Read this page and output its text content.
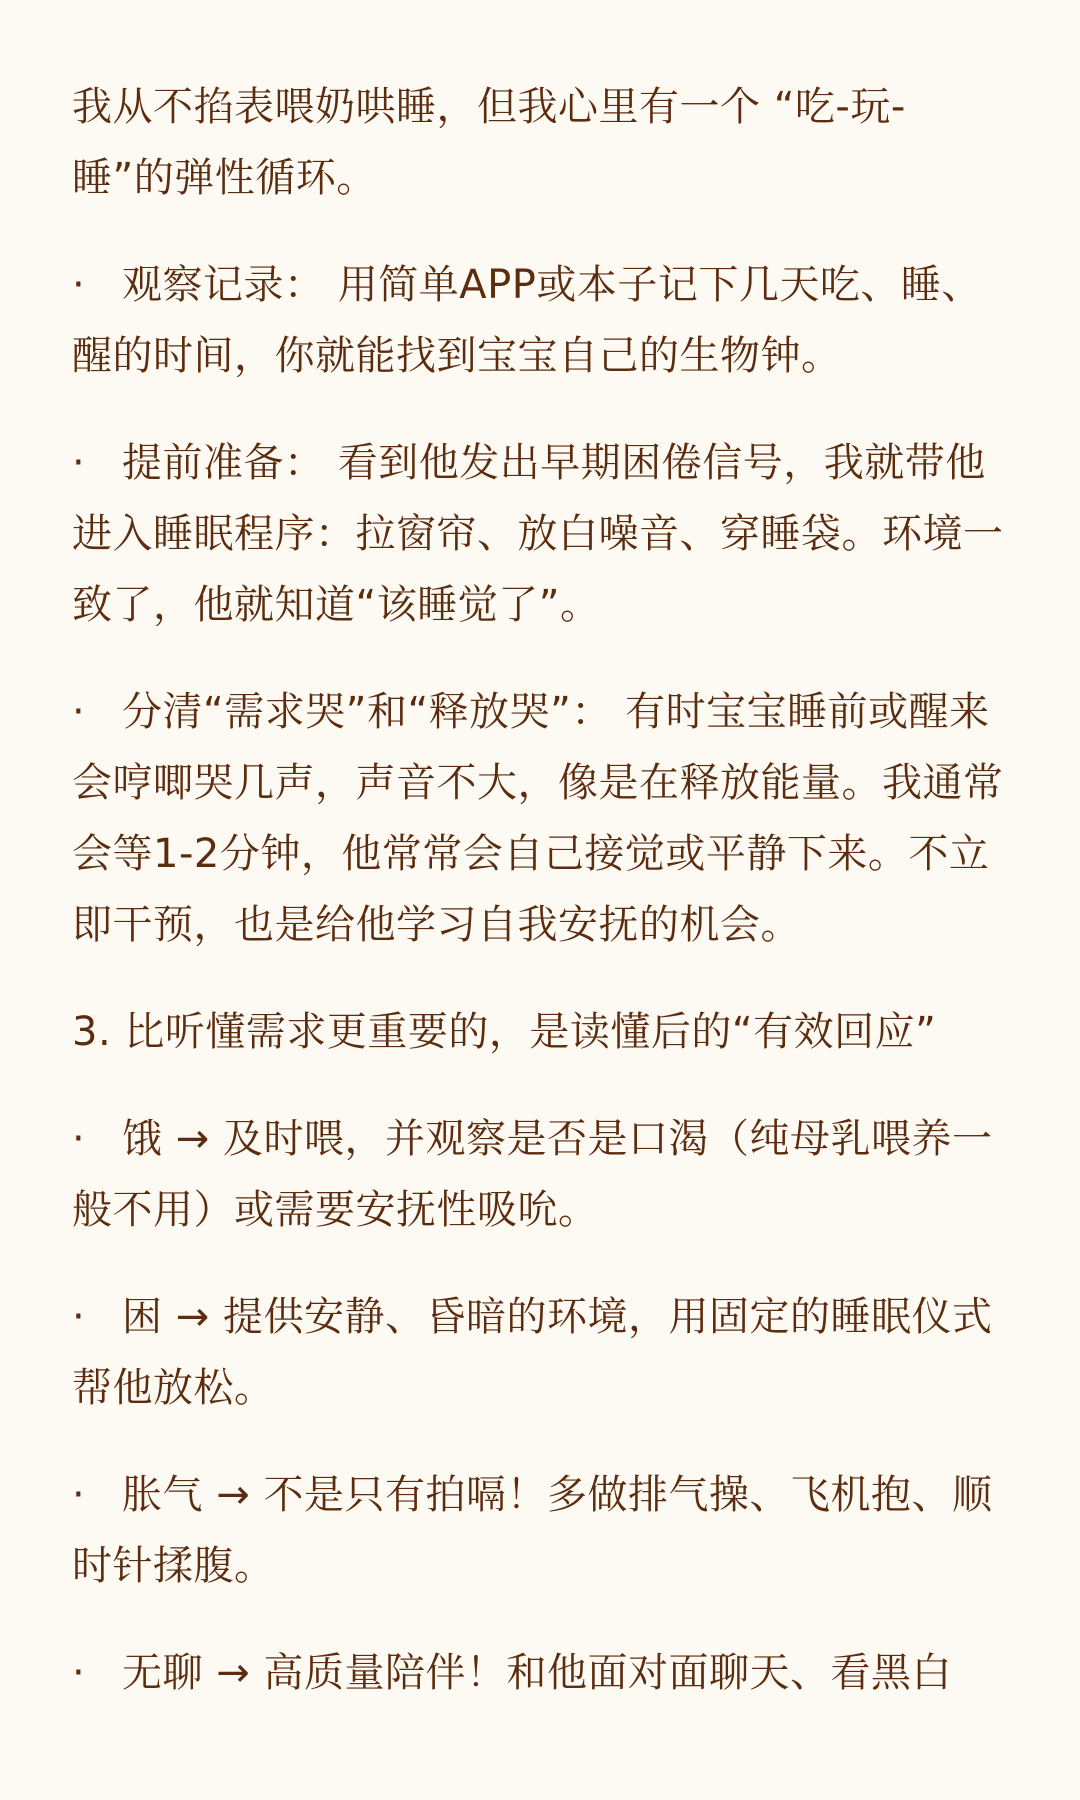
我从不掐表喂奶哄睡，但我心里有一个 “吃-玩-睡”的弹性循环。

· 观察记录： 用简单APP或本子记下几天吃、睡、醒的时间，你就能找到宝宝自己的生物钟。

· 提前准备： 看到他发出早期困倦信号，我就带他进入睡眠程序：拉窗帘、放白噪音、穿睡袋。环境一致了，他就知道“该睡觉了”。

· 分清“需求哭”和“释放哭”： 有时宝宝睡前或醒来会哼唧哭几声，声音不大，像是在释放能量。我通常会等1-2分钟，他常常会自己接觉或平静下来。不立即干预，也是给他学习自我安抚的机会。

3. 比听懂需求更重要的，是读懂后的“有效回应”

· 饿 → 及时喂，并观察是否是口渴（纯母乳喂养一般不用）或需要安抚性吸吮。

· 困 → 提供安静、昏暗的环境，用固定的睡眠仪式帮他放松。

· 胀气 → 不是只有拍嗝！多做排气操、飞机抱、顺时针揉腹。

· 无聊 → 高质量陪伴！和他面对面聊天、看黑白
